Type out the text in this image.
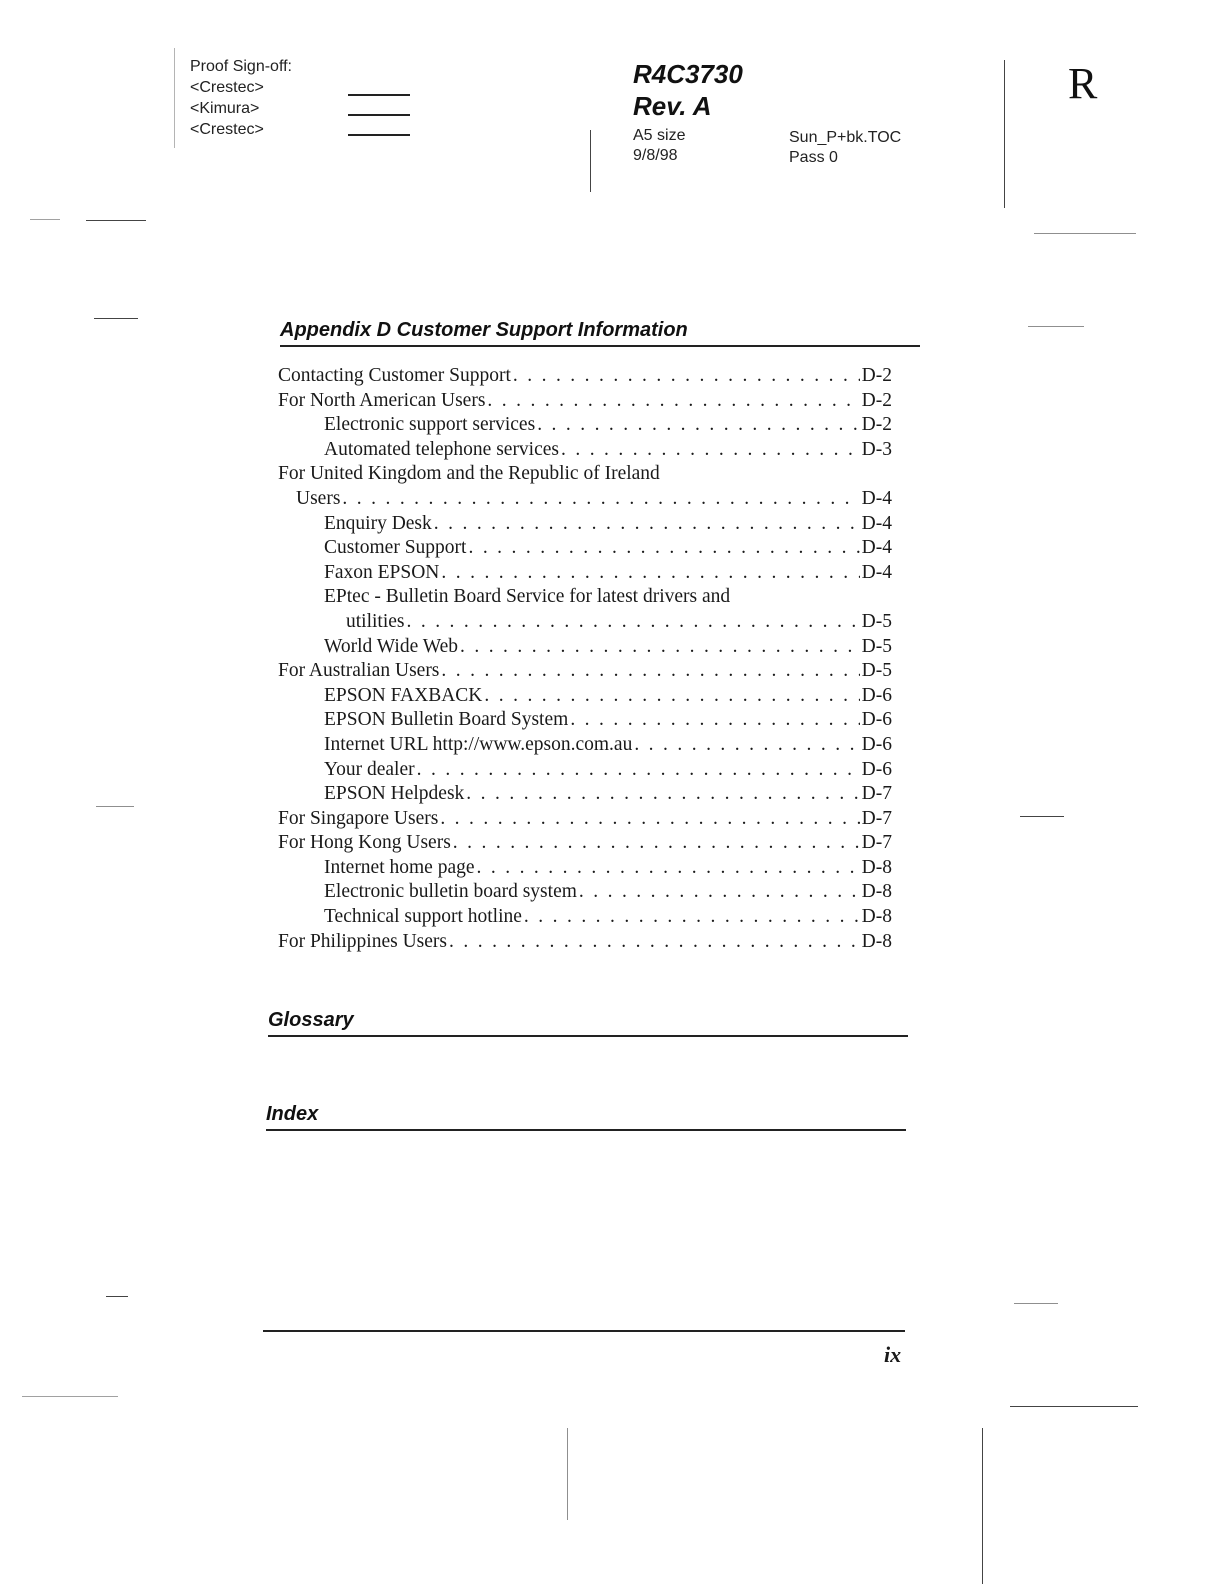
Proof Sign-off:
<Crestec>
<Kimura>
<Crestec>
R4C3730
Rev. A
A5 size
9/8/98
Sun_P+bk.TOC
Pass 0
R
Appendix D Customer Support Information
Contacting Customer Support . . .	D-2
For North American Users . . .	D-2
Electronic support services . . .	D-2
Automated telephone services . . .	D-3
For United Kingdom and the Republic of Ireland
Users . . .	D-4
Enquiry Desk . . .	D-4
Customer Support . . .	D-4
Faxon EPSON . . .	D-4
EPtec - Bulletin Board Service for latest drivers and
utilities . . .	D-5
World Wide Web . . .	D-5
For Australian Users . . .	D-5
EPSON FAXBACK . . .	D-6
EPSON Bulletin Board System . . .	D-6
Internet URL http://www.epson.com.au . . .	D-6
Your dealer . . .	D-6
EPSON Helpdesk . . .	D-7
For Singapore Users . . .	D-7
For Hong Kong Users . . .	D-7
Internet home page . . .	D-8
Electronic bulletin board system . . .	D-8
Technical support hotline . . .	D-8
For Philippines Users . . .	D-8
Glossary
Index
ix
